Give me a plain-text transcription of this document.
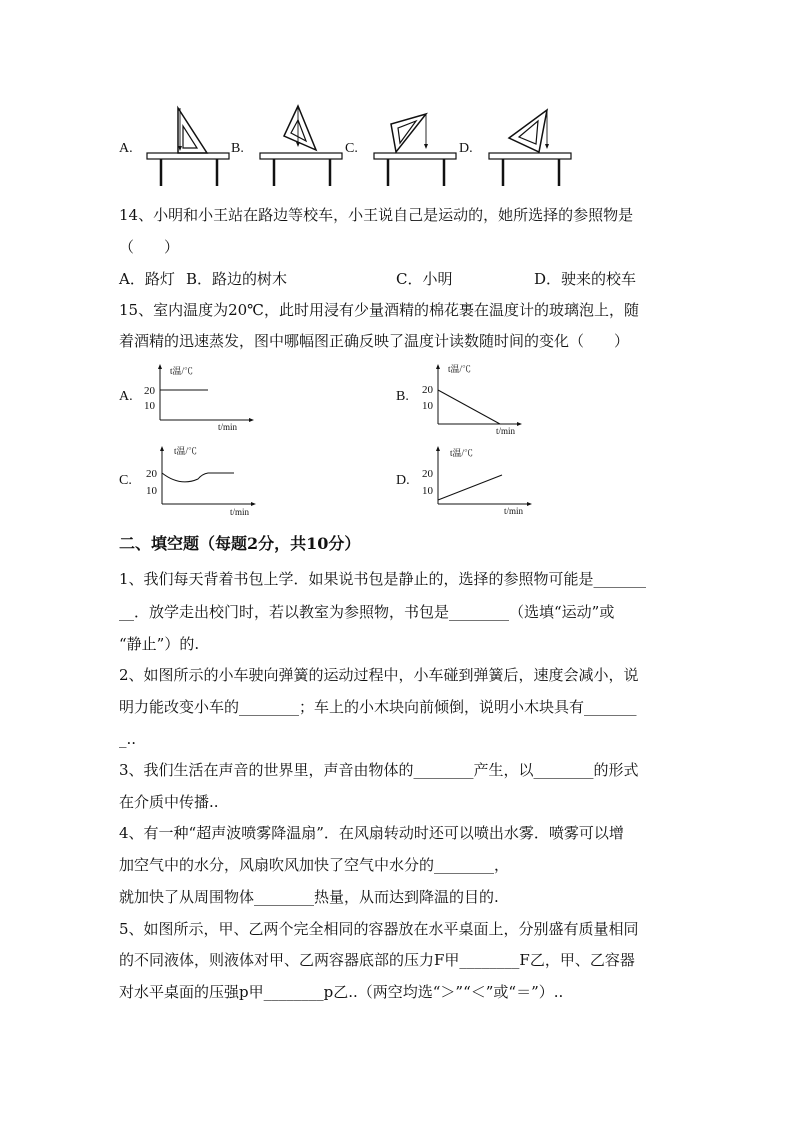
A.	B.	C.	D.
14、小明和小王站在路边等校车，小王说自己是运动的，她所选择的参照物是
（　　）
A．路灯 B．路边的树木	C．小明	D．驶来的校车
15、室内温度为20℃，此时用浸有少量酒精的棉花裹在温度计的玻璃泡上，随
着酒精的迅速蒸发，图中哪幅图正确反映了温度计读数随时间的变化（　　）
A.
t温/℃
20
10
t/min
B.
t温/℃
20
10
t/min
C.
t温/℃
20
10
t/min
D.
t温/℃
20
10
t/min
二、填空题（每题2分，共10分）
1、我们每天背着书包上学．如果说书包是静止的，选择的参照物可能是_______
__．放学走出校门时，若以教室为参照物，书包是________（选填“运动”或
“静止”）的.
2、如图所示的小车驶向弹簧的运动过程中，小车碰到弹簧后，速度会减小，说
明力能改变小车的________；车上的小木块向前倾倒，说明小木块具有_______
_..
3、我们生活在声音的世界里，声音由物体的________产生，以________的形式
在介质中传播..
4、有一种“超声波喷雾降温扇”．在风扇转动时还可以喷出水雾．喷雾可以增
加空气中的水分，风扇吹风加快了空气中水分的________，
就加快了从周围物体________热量，从而达到降温的目的.
5、如图所示，甲、乙两个完全相同的容器放在水平桌面上，分别盛有质量相同
的不同液体，则液体对甲、乙两容器底部的压力F甲________F乙，甲、乙容器
对水平桌面的压强p甲________p乙..（两空均选“＞”“＜”或“＝”）..
